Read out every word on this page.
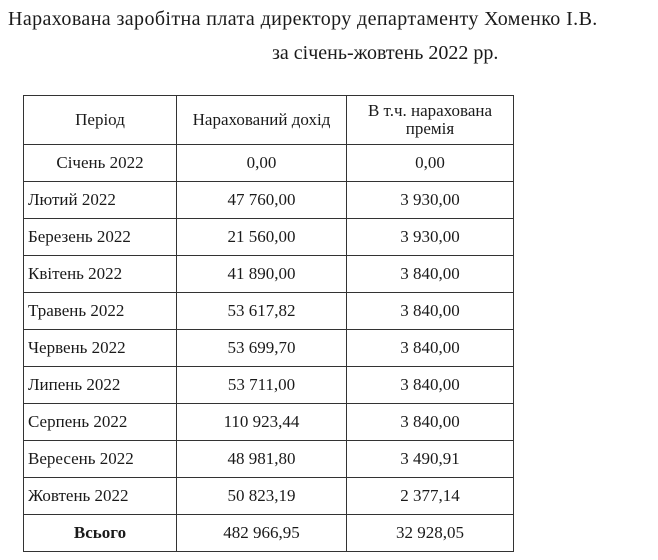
Нарахована заробітна плата директору департаменту Хоменко І.В.
за січень-жовтень 2022 рр.
Період	Нарахований дохід	В т.ч. нарахована премія
Січень 2022	0,00	0,00
Лютий 2022	47 760,00	3 930,00
Березень 2022	21 560,00	3 930,00
Квітень 2022	41 890,00	3 840,00
Травень 2022	53 617,82	3 840,00
Червень 2022	53 699,70	3 840,00
Липень 2022	53 711,00	3 840,00
Серпень 2022	110 923,44	3 840,00
Вересень 2022	48 981,80	3 490,91
Жовтень 2022	50 823,19	2 377,14
Всього	482 966,95	32 928,05
